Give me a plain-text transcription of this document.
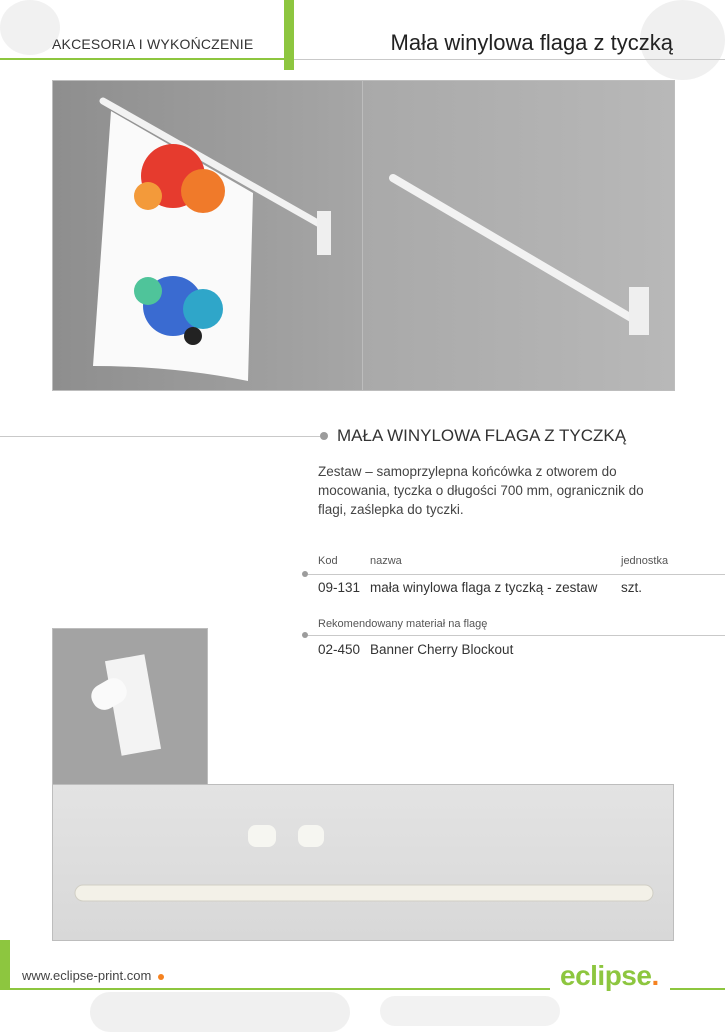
AKCESORIA I WYKOŃCZENIE	Mała winylowa flaga z tyczką
MAŁA WINYLOWA FLAGA Z TYCZKĄ
Zestaw – samoprzylepna końcówka z otworem do mocowania, tyczka o długości 700 mm, ogranicznik do flagi, zaślepka do tyczki.
Kod	nazwa	jednostka
09-131 mała winylowa flaga z tyczką - zestaw szt.
Rekomendowany materiał na flagę
02-450 Banner Cherry Blockout
www.eclipse-print.com	eclipse.
